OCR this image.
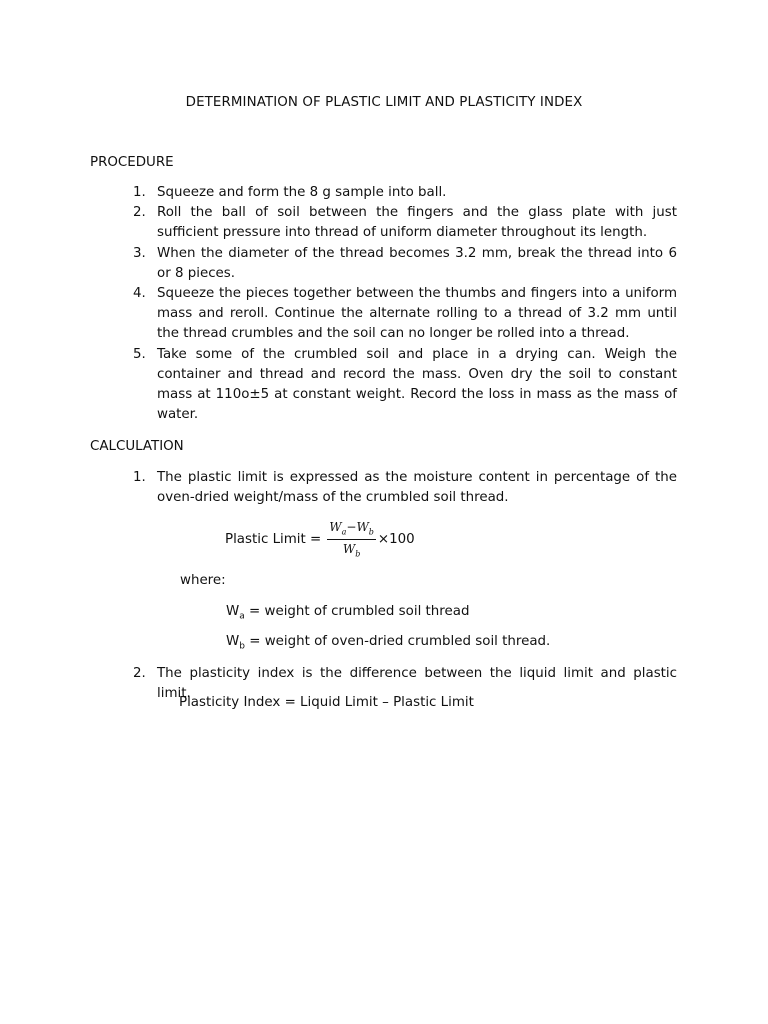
DETERMINATION OF PLASTIC LIMIT AND PLASTICITY INDEX
PROCEDURE
1. Squeeze and form the 8 g sample into ball.
2. Roll the ball of soil between the fingers and the glass plate with just sufficient pressure into thread of uniform diameter throughout its length.
3. When the diameter of the thread becomes 3.2 mm, break the thread into 6 or 8 pieces.
4. Squeeze the pieces together between the thumbs and fingers into a uniform mass and reroll. Continue the alternate rolling to a thread of 3.2 mm until the thread crumbles and the soil can no longer be rolled into a thread.
5. Take some of the crumbled soil and place in a drying can. Weigh the container and thread and record the mass. Oven dry the soil to constant mass at 110o±5 at constant weight. Record the loss in mass as the mass of water.
CALCULATION
1. The plastic limit is expressed as the moisture content in percentage of the oven-dried weight/mass of the crumbled soil thread.
Plastic Limit = $\frac{W_a-W_b}{W_b} \times 100$
where:
$W_a$ = weight of crumbled soil thread
$W_b$ = weight of oven-dried crumbled soil thread.
2. The plasticity index is the difference between the liquid limit and plastic limit.
Plasticity Index = Liquid Limit – Plastic Limit
